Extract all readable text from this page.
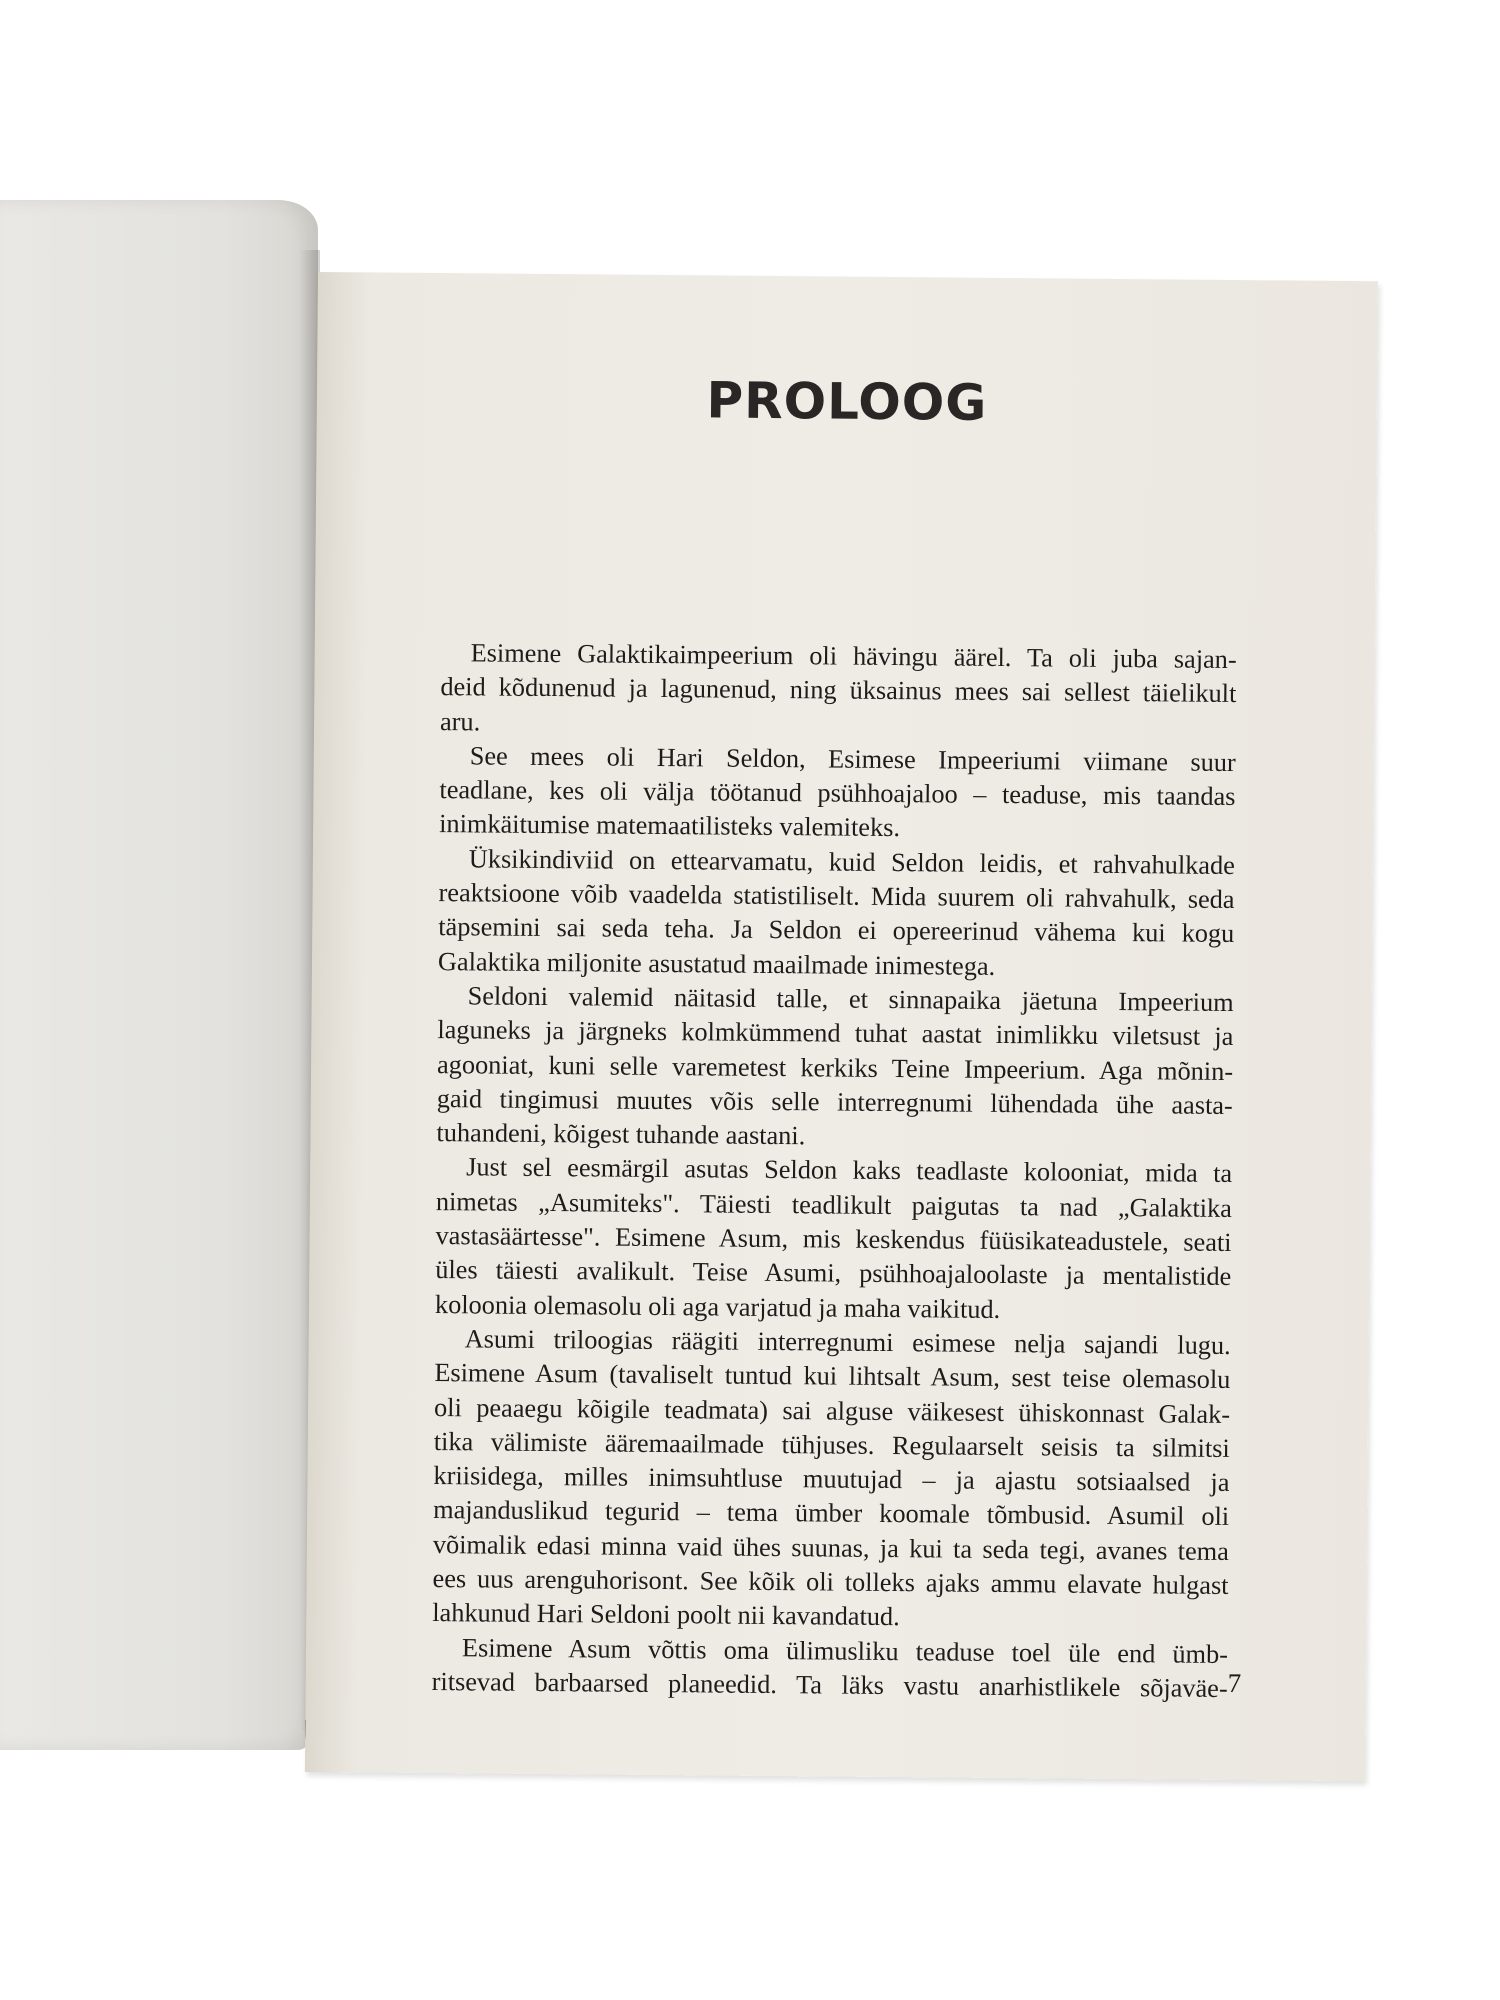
PROLOOG
Esimene Galaktikaimpeerium oli hävingu äärel. Ta oli juba sajan-
deid kõdunenud ja lagunenud, ning üksainus mees sai sellest täielikult
aru.
See mees oli Hari Seldon, Esimese Impeeriumi viimane suur
teadlane, kes oli välja töötanud psühhoajaloo – teaduse, mis taandas
inimkäitumise matemaatilisteks valemiteks.
Üksikindiviid on ettearvamatu, kuid Seldon leidis, et rahvahulkade
reaktsioone võib vaadelda statistiliselt. Mida suurem oli rahvahulk, seda
täpsemini sai seda teha. Ja Seldon ei opereerinud vähema kui kogu
Galaktika miljonite asustatud maailmade inimestega.
Seldoni valemid näitasid talle, et sinnapaika jäetuna Impeerium
laguneks ja järgneks kolmkümmend tuhat aastat inimlikku viletsust ja
agooniat, kuni selle varemetest kerkiks Teine Impeerium. Aga mõnin-
gaid tingimusi muutes võis selle interregnumi lühendada ühe aasta-
tuhandeni, kõigest tuhande aastani.
Just sel eesmärgil asutas Seldon kaks teadlaste kolooniat, mida ta
nimetas „Asumiteks". Täiesti teadlikult paigutas ta nad „Galaktika
vastasäärtesse". Esimene Asum, mis keskendus füüsikateadustele, seati
üles täiesti avalikult. Teise Asumi, psühhoajaloolaste ja mentalistide
koloonia olemasolu oli aga varjatud ja maha vaikitud.
Asumi triloogias räägiti interregnumi esimese nelja sajandi lugu.
Esimene Asum (tavaliselt tuntud kui lihtsalt Asum, sest teise olemasolu
oli peaaegu kõigile teadmata) sai alguse väikesest ühiskonnast Galak-
tika välimiste ääremaailmade tühjuses. Regulaarselt seisis ta silmitsi
kriisidega, milles inimsuhtluse muutujad – ja ajastu sotsiaalsed ja
majanduslikud tegurid – tema ümber koomale tõmbusid. Asumil oli
võimalik edasi minna vaid ühes suunas, ja kui ta seda tegi, avanes tema
ees uus arenguhorisont. See kõik oli tolleks ajaks ammu elavate hulgast
lahkunud Hari Seldoni poolt nii kavandatud.
Esimene Asum võttis oma ülimusliku teaduse toel üle end ümb-
ritsevad barbaarsed planeedid. Ta läks vastu anarhistlikele sõjaväe- 7
